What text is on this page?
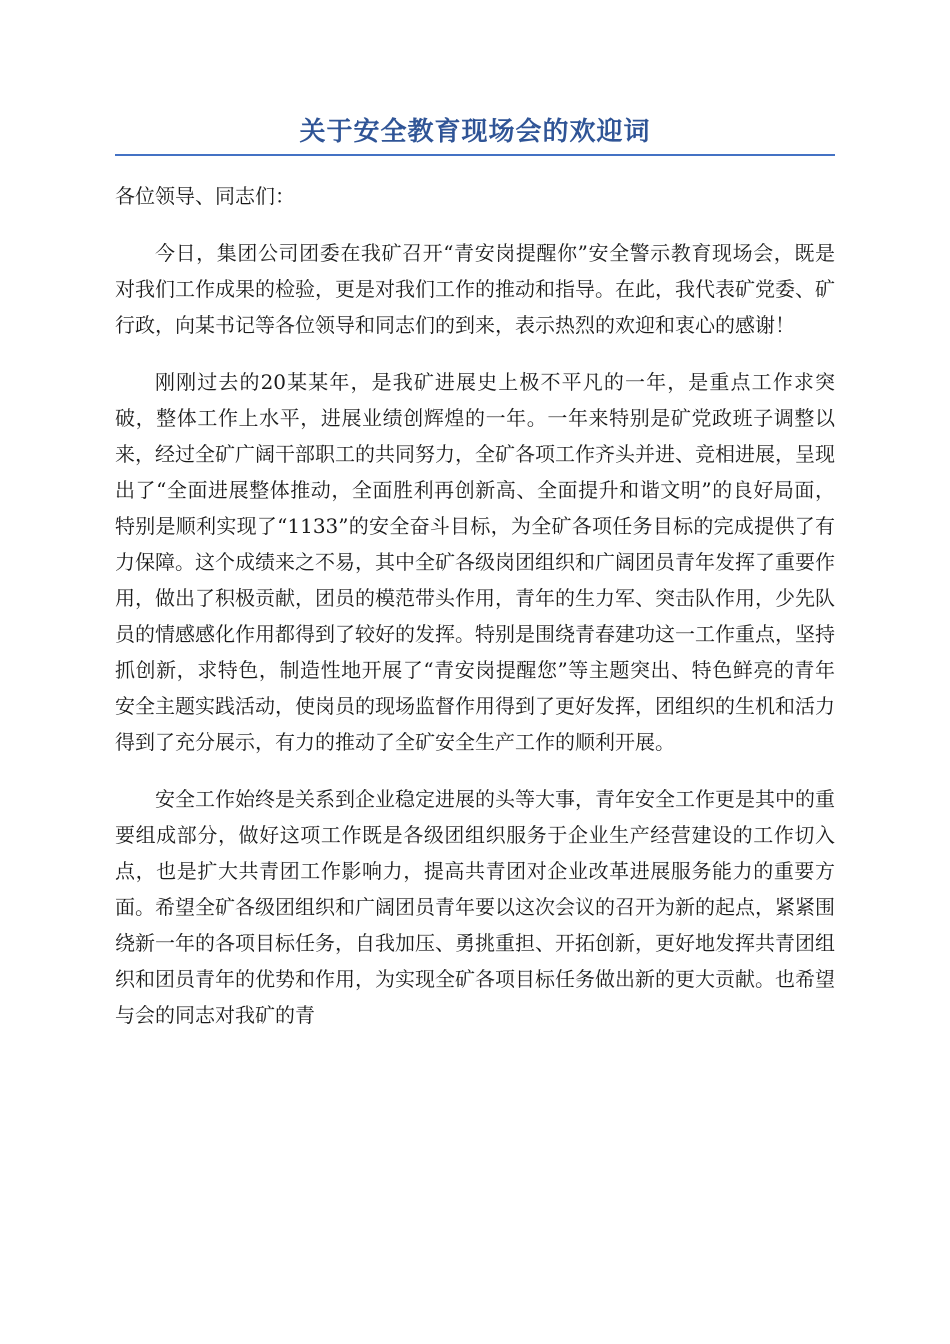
关于安全教育现场会的欢迎词

各位领导、同志们：

今日，集团公司团委在我矿召开“青安岗提醒你”安全警示教育现场会，既是对我们工作成果的检验，更是对我们工作的推动和指导。在此，我代表矿党委、矿行政，向某书记等各位领导和同志们的到来，表示热烈的欢迎和衷心的感谢！

刚刚过去的20某某年，是我矿进展史上极不平凡的一年，是重点工作求突破，整体工作上水平，进展业绩创辉煌的一年。一年来特别是矿党政班子调整以来，经过全矿广阔干部职工的共同努力，全矿各项工作齐头并进、竞相进展，呈现出了“全面进展整体推动，全面胜利再创新高、全面提升和谐文明”的良好局面，特别是顺利实现了“1133”的安全奋斗目标，为全矿各项任务目标的完成提供了有力保障。这个成绩来之不易，其中全矿各级岗团组织和广阔团员青年发挥了重要作用，做出了积极贡献，团员的模范带头作用，青年的生力军、突击队作用，少先队员的情感感化作用都得到了较好的发挥。特别是围绕青春建功这一工作重点，坚持抓创新，求特色，制造性地开展了“青安岗提醒您”等主题突出、特色鲜亮的青年安全主题实践活动，使岗员的现场监督作用得到了更好发挥，团组织的生机和活力得到了充分展示，有力的推动了全矿安全生产工作的顺利开展。

安全工作始终是关系到企业稳定进展的头等大事，青年安全工作更是其中的重要组成部分，做好这项工作既是各级团组织服务于企业生产经营建设的工作切入点，也是扩大共青团工作影响力，提高共青团对企业改革进展服务能力的重要方面。希望全矿各级团组织和广阔团员青年要以这次会议的召开为新的起点，紧紧围绕新一年的各项目标任务，自我加压、勇挑重担、开拓创新，更好地发挥共青团组织和团员青年的优势和作用，为实现全矿各项目标任务做出新的更大贡献。也希望与会的同志对我矿的青
